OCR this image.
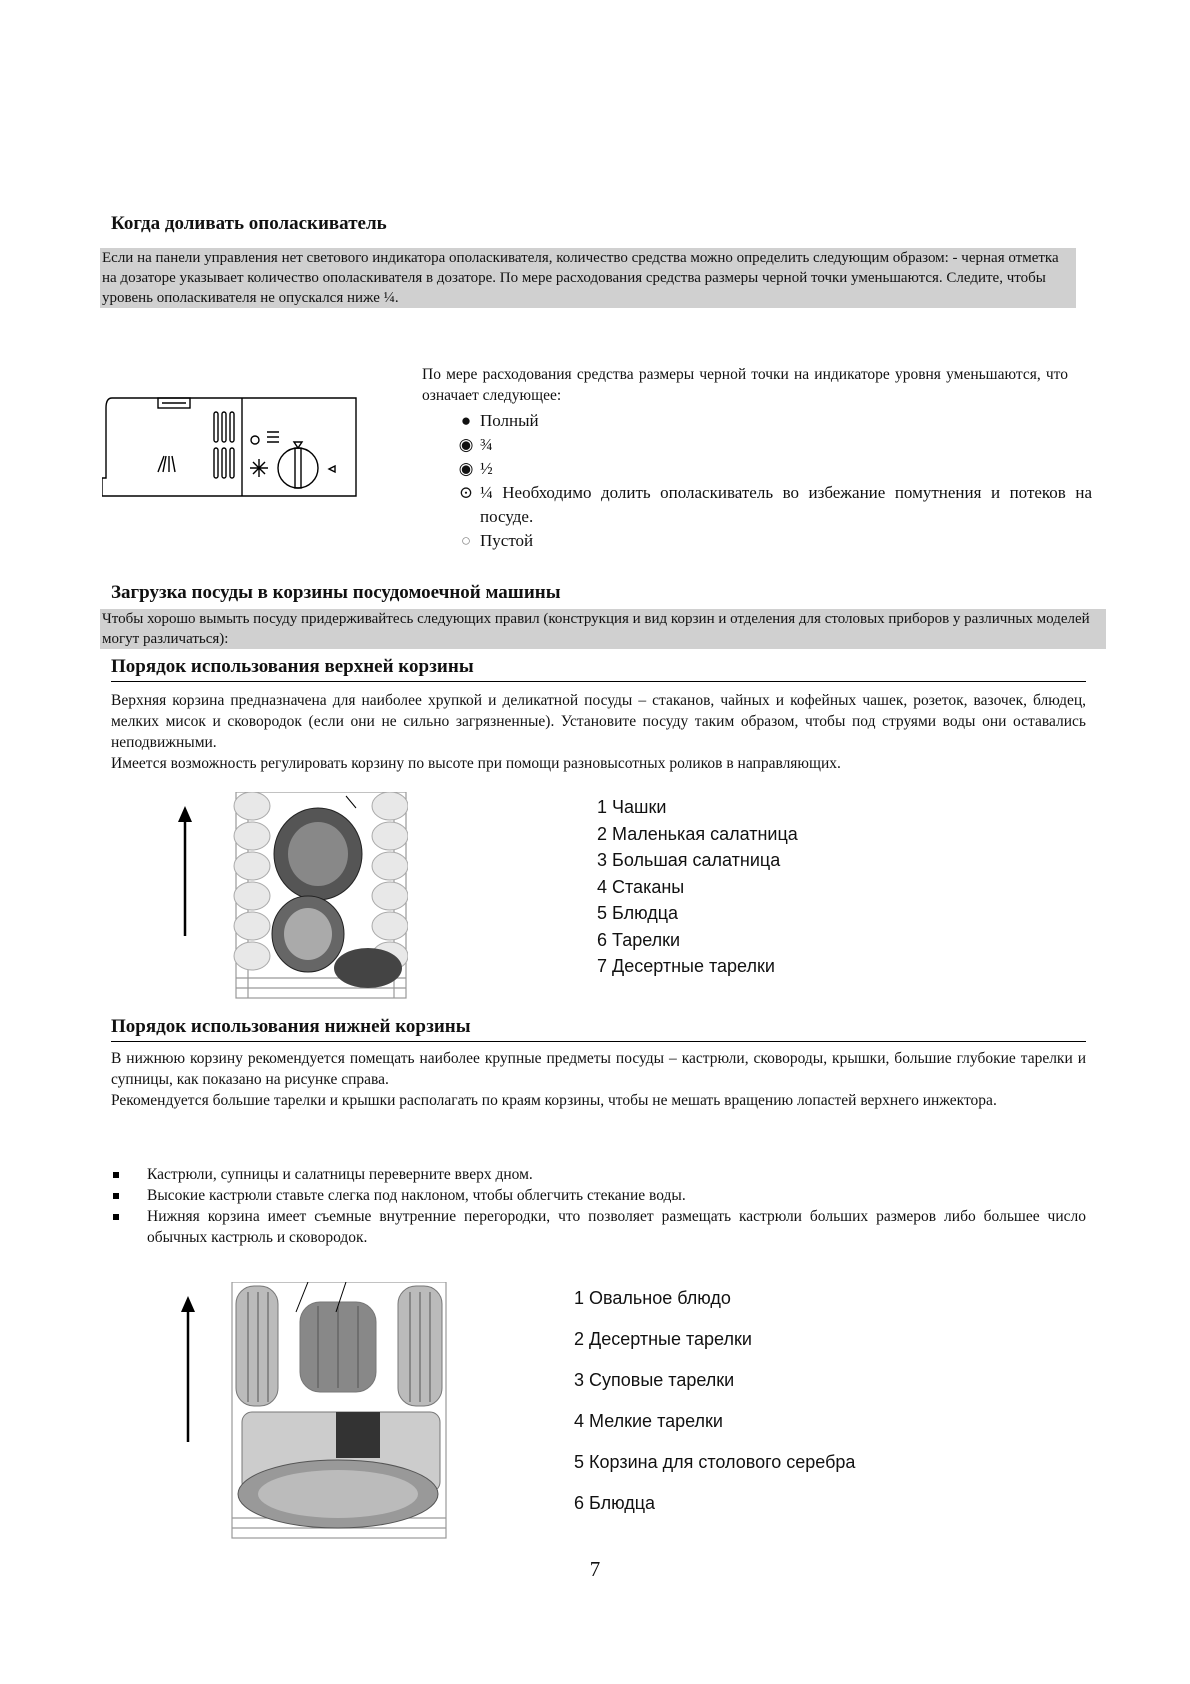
Когда доливать ополаскиватель
Если на панели управления нет светового индикатора ополаскивателя, количество средства можно определить следующим образом: - черная отметка на дозаторе указывает количество ополаскивателя в дозаторе. По мере расходования средства размеры черной точки уменьшаются. Следите, чтобы уровень ополаскивателя не опускался ниже ¼.
По мере расходования средства размеры черной точки на индикаторе уровня уменьшаются, что означает следующее:
● Полный
◉ ¾
◉ ½
⊙ ¼ Необходимо долить ополаскиватель во избежание помутнения и потеков на посуде.
○ Пустой
Загрузка посуды в корзины посудомоечной машины
Чтобы хорошо вымыть посуду придерживайтесь следующих правил (конструкция и вид корзин и отделения для столовых приборов у различных моделей могут различаться):
Порядок использования верхней корзины
Верхняя корзина предназначена для наиболее хрупкой и деликатной посуды – стаканов, чайных и кофейных чашек, розеток, вазочек, блюдец, мелких мисок и сковородок (если они не сильно загрязненные). Установите посуду таким образом, чтобы под струями воды они оставались неподвижными.
Имеется возможность регулировать корзину по высоте при помощи разновысотных роликов в направляющих.
1 Чашки
2 Маленькая салатница
3 Большая салатница
4 Стаканы
5 Блюдца
6 Тарелки
7 Десертные тарелки
Порядок использования нижней корзины
В нижнюю корзину рекомендуется помещать наиболее крупные предметы посуды – кастрюли, сковороды, крышки, большие глубокие тарелки и супницы, как показано на рисунке справа.
Рекомендуется большие тарелки и крышки располагать по краям корзины, чтобы не мешать вращению лопастей верхнего инжектора.
Кастрюли, супницы и салатницы переверните вверх дном.
Высокие кастрюли ставьте слегка под наклоном, чтобы облегчить стекание воды.
Нижняя корзина имеет съемные внутренние перегородки, что позволяет размещать кастрюли больших размеров либо большее число обычных кастрюль и сковородок.
1 Овальное блюдо
2 Десертные тарелки
3 Суповые тарелки
4 Мелкие тарелки
5 Корзина для столового серебра
6 Блюдца
7
